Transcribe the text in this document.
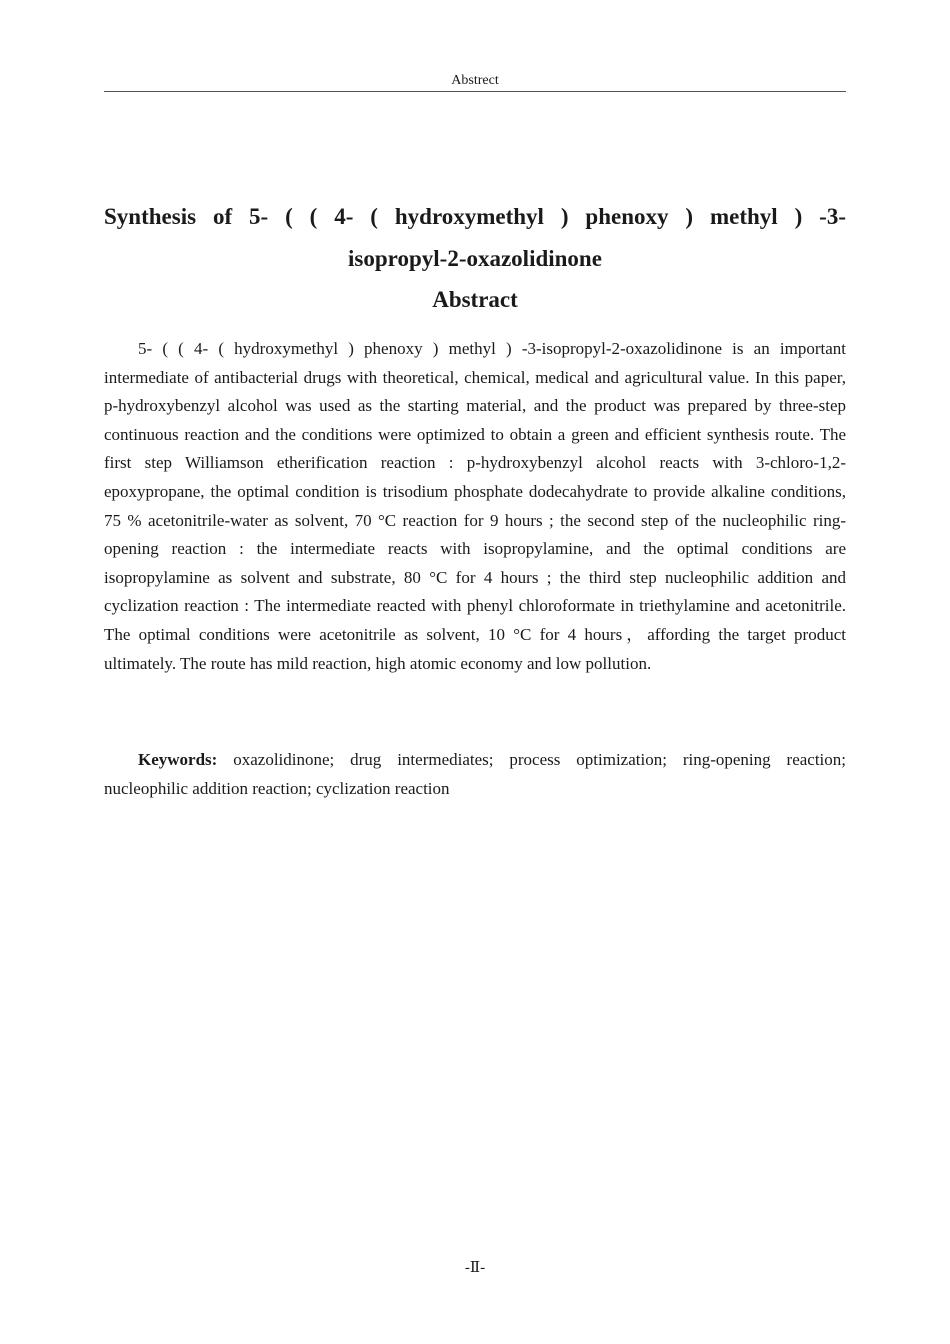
Abstrect
Synthesis of 5- ( ( 4- ( hydroxymethyl ) phenoxy ) methyl ) -3-isopropyl-2-oxazolidinone
Abstract

5- ( ( 4- ( hydroxymethyl ) phenoxy ) methyl ) -3-isopropyl-2-oxazolidinone is an important intermediate of antibacterial drugs with theoretical, chemical, medical and agricultural value. In this paper, p-hydroxybenzyl alcohol was used as the starting material, and the product was prepared by three-step continuous reaction and the conditions were optimized to obtain a green and efficient synthesis route. The first step Williamson etherification reaction : p-hydroxybenzyl alcohol reacts with 3-chloro-1,2-epoxypropane, the optimal condition is trisodium phosphate dodecahydrate to provide alkaline conditions, 75 % acetonitrile-water as solvent, 70 °C reaction for 9 hours ; the second step of the nucleophilic ring-opening reaction : the intermediate reacts with isopropylamine, and the optimal conditions are isopropylamine as solvent and substrate, 80 °C for 4 hours ; the third step nucleophilic addition and cyclization reaction : The intermediate reacted with phenyl chloroformate in triethylamine and acetonitrile. The optimal conditions were acetonitrile as solvent, 10 °C for 4 hours，affording the target product ultimately. The route has mild reaction, high atomic economy and low pollution.

Keywords: oxazolidinone; drug intermediates; process optimization; ring-opening reaction; nucleophilic addition reaction; cyclization reaction

-Ⅱ-
